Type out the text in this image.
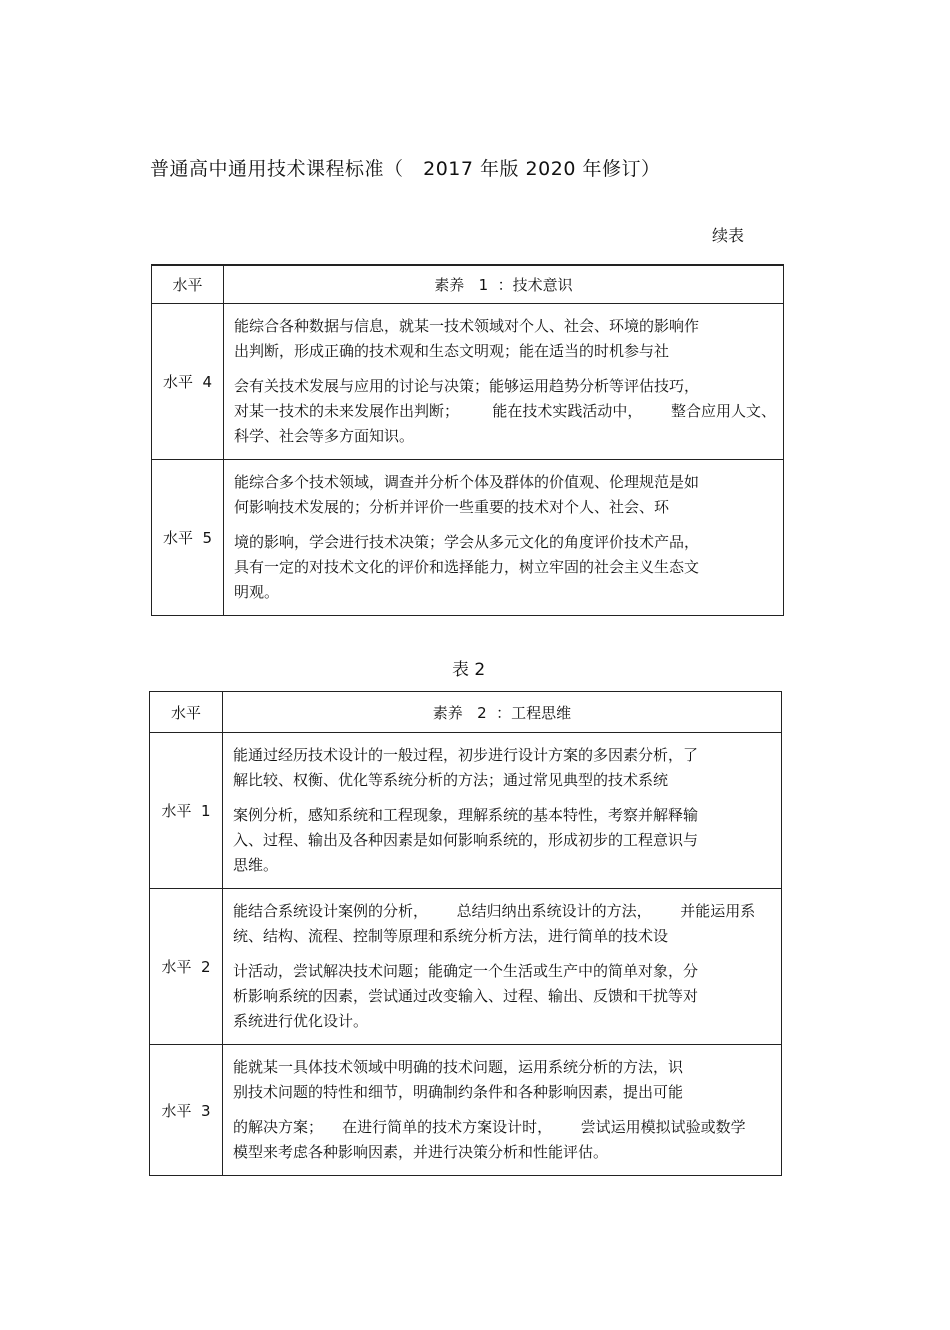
普通高中通用技术课程标准（   2017 年版 2020 年修订）
续表
水平	素养   1  ：技术意识
水平  4	能综合各种数据与信息，就某一技术领域对个人、社会、环境的影响作
出判断，形成正确的技术观和生态文明观；能在适当的时机参与社
会有关技术发展与应用的讨论与决策；能够运用趋势分析等评估技巧，
对某一技术的未来发展作出判断；       能在技术实践活动中，      整合应用人文、
科学、社会等多方面知识。

水平  5	能综合多个技术领域，调查并分析个体及群体的价值观、伦理规范是如
何影响技术发展的；分析并评价一些重要的技术对个人、社会、环
境的影响，学会进行技术决策；学会从多元文化的角度评价技术产品，
具有一定的对技术文化的评价和选择能力，树立牢固的社会主义生态文
明观。
表 2
水平	素养   2  ：工程思维
水平  1	能通过经历技术设计的一般过程，初步进行设计方案的多因素分析，了
解比较、权衡、优化等系统分析的方法；通过常见典型的技术系统
案例分析，感知系统和工程现象，理解系统的基本特性，考察并解释输
入、过程、输出及各种因素是如何影响系统的，形成初步的工程意识与
思维。

水平  2	能结合系统设计案例的分析，      总结归纳出系统设计的方法，      并能运用系
统、结构、流程、控制等原理和系统分析方法，进行简单的技术设
计活动，尝试解决技术问题；能确定一个生活或生产中的简单对象，分
析影响系统的因素，尝试通过改变输入、过程、输出、反馈和干扰等对
系统进行优化设计。

水平  3	能就某一具体技术领域中明确的技术问题，运用系统分析的方法，识
别技术问题的特性和细节，明确制约条件和各种影响因素，提出可能
的解决方案；    在进行简单的技术方案设计时，      尝试运用模拟试验或数学
模型来考虑各种影响因素，并进行决策分析和性能评估。
